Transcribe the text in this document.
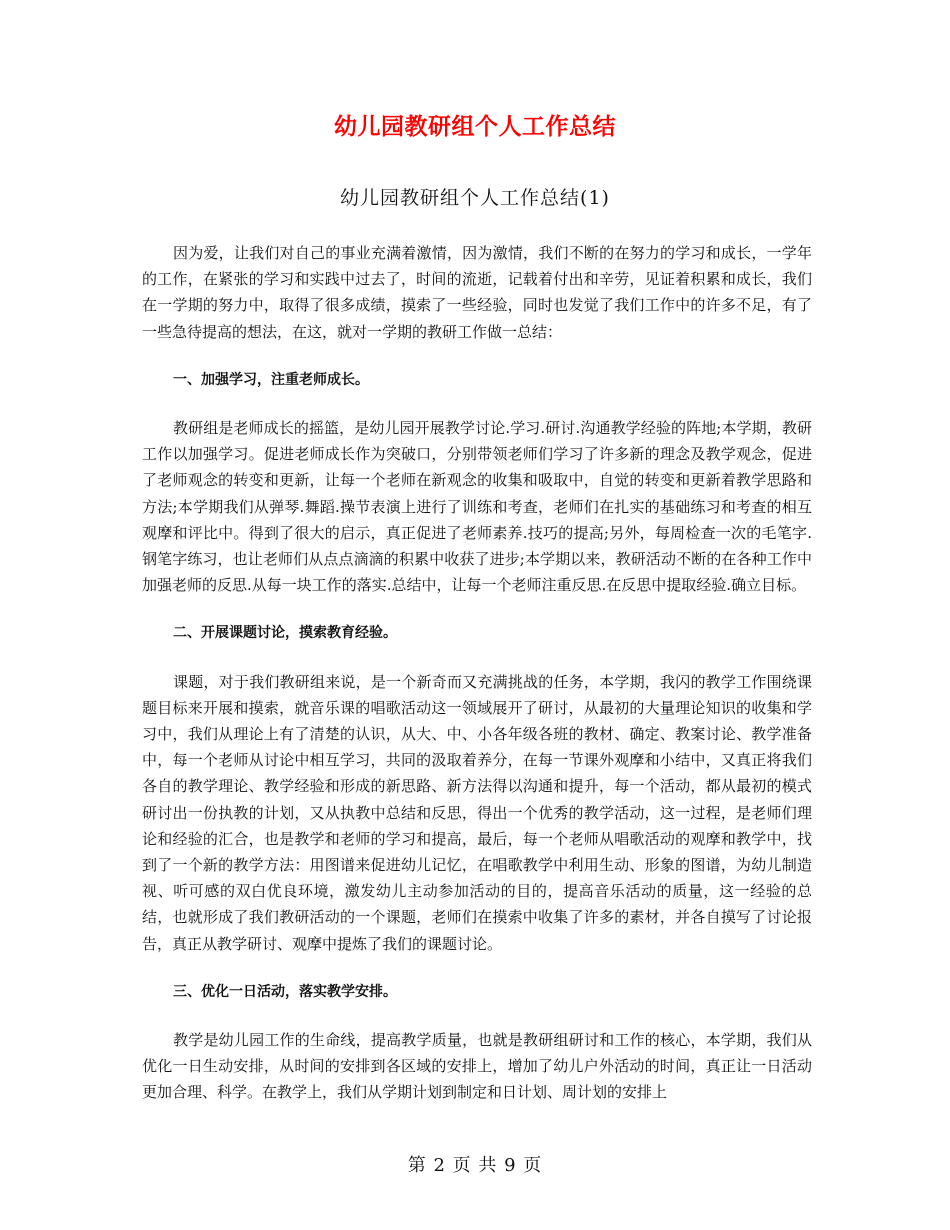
幼儿园教研组个人工作总结
幼儿园教研组个人工作总结(1)

因为爱，让我们对自己的事业充满着激情，因为激情，我们不断的在努力的学习和成长，一学年的工作，在紧张的学习和实践中过去了，时间的流逝，记载着付出和辛劳，见证着积累和成长，我们在一学期的努力中，取得了很多成绩，摸索了一些经验，同时也发觉了我们工作中的许多不足，有了一些急待提高的想法，在这，就对一学期的教研工作做一总结：

一、加强学习，注重老师成长。

教研组是老师成长的摇篮，是幼儿园开展教学讨论.学习.研讨.沟通教学经验的阵地;本学期，教研工作以加强学习。促进老师成长作为突破口，分别带领老师们学习了许多新的理念及教学观念，促进了老师观念的转变和更新，让每一个老师在新观念的收集和吸取中，自觉的转变和更新着教学思路和方法;本学期我们从弹琴.舞蹈.操节表演上进行了训练和考查，老师们在扎实的基础练习和考查的相互观摩和评比中。得到了很大的启示，真正促进了老师素养.技巧的提高;另外，每周检查一次的毛笔字.钢笔字练习，也让老师们从点点滴滴的积累中收获了进步;本学期以来，教研活动不断的在各种工作中加强老师的反思.从每一块工作的落实.总结中，让每一个老师注重反思.在反思中提取经验.确立目标。

二、开展课题讨论，摸索教育经验。

课题，对于我们教研组来说，是一个新奇而又充满挑战的任务，本学期，我闪的教学工作围绕课题目标来开展和摸索，就音乐课的唱歌活动这一领域展开了研讨，从最初的大量理论知识的收集和学习中，我们从理论上有了清楚的认识，从大、中、小各年级各班的教材、确定、教案讨论、教学准备中，每一个老师从讨论中相互学习，共同的汲取着养分，在每一节课外观摩和小结中，又真正将我们各自的教学理论、教学经验和形成的新思路、新方法得以沟通和提升，每一个活动，都从最初的模式研讨出一份执教的计划，又从执教中总结和反思，得出一个优秀的教学活动，这一过程，是老师们理论和经验的汇合，也是教学和老师的学习和提高，最后，每一个老师从唱歌活动的观摩和教学中，找到了一个新的教学方法：用图谱来促进幼儿记忆，在唱歌教学中利用生动、形象的图谱，为幼儿制造视、听可感的双白优良环境，激发幼儿主动参加活动的目的，提高音乐活动的质量，这一经验的总结，也就形成了我们教研活动的一个课题，老师们在摸索中收集了许多的素材，并各自摸写了讨论报告，真正从教学研讨、观摩中提炼了我们的课题讨论。

三、优化一日活动，落实教学安排。

教学是幼儿园工作的生命线，提高教学质量，也就是教研组研讨和工作的核心，本学期，我们从优化一日生动安排，从时间的安排到各区域的安排上，增加了幼儿户外活动的时间，真正让一日活动更加合理、科学。在教学上，我们从学期计划到制定和日计划、周计划的安排上

第 2 页 共 9 页
